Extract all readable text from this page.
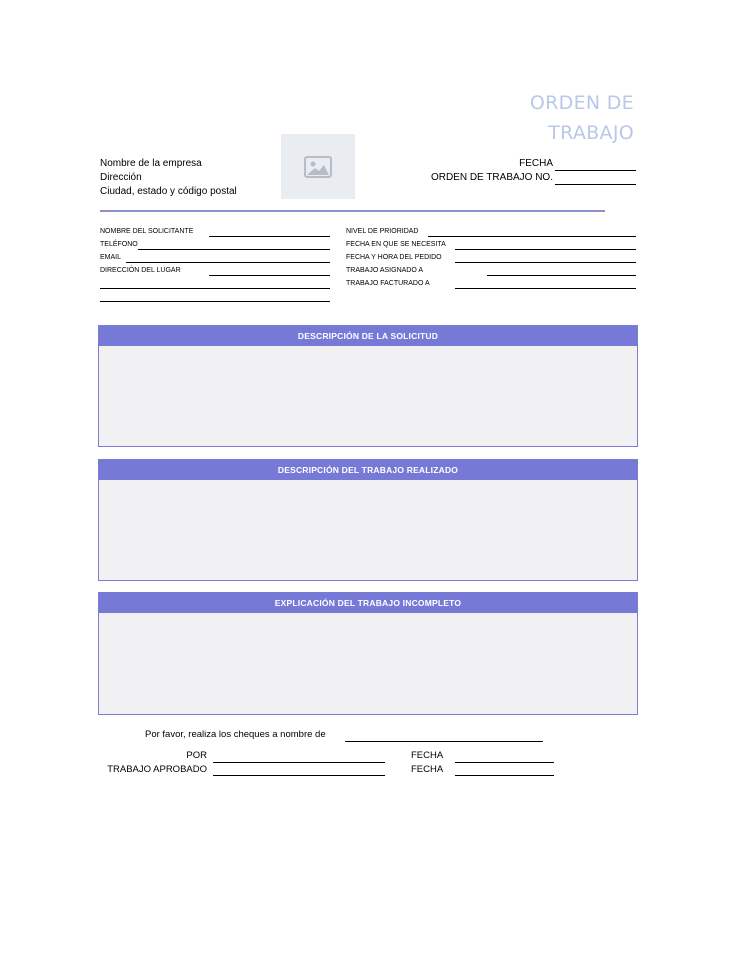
ORDEN DE
TRABAJO
Nombre de la empresa
Dirección
Ciudad, estado y código postal
FECHA
ORDEN DE TRABAJO NO.
NOMBRE DEL SOLICITANTE
TELÉFONO
EMAIL
DIRECCIÓN DEL LUGAR
NIVEL DE PRIORIDAD
FECHA EN QUE SE NECESITA
FECHA Y HORA DEL PEDIDO
TRABAJO ASIGNADO A
TRABAJO FACTURADO A
DESCRIPCIÓN DE LA SOLICITUD
DESCRIPCIÓN DEL TRABAJO REALIZADO
EXPLICACIÓN DEL TRABAJO INCOMPLETO
Por favor, realiza los cheques a nombre de
POR
TRABAJO APROBADO
FECHA
FECHA
